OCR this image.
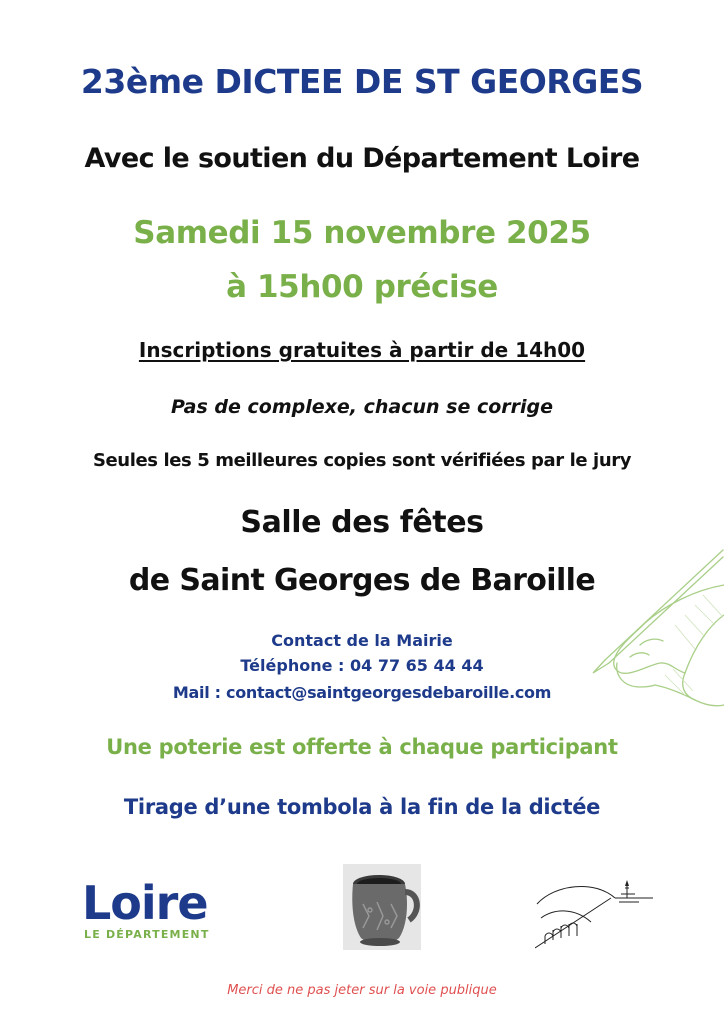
23ème DICTEE DE ST GEORGES

Avec le soutien du Département Loire

Samedi 15 novembre 2025

à 15h00 précise

Inscriptions gratuites à partir de 14h00

Pas de complexe, chacun se corrige

Seules les 5 meilleures copies sont vérifiées par le jury

Salle des fêtes

de Saint Georges de Baroille

Contact de la Mairie

Téléphone : 04 77 65 44 44

Mail : contact@saintgeorgesdebaroille.com

Une poterie est offerte à chaque participant

Tirage d’une tombola à la fin de la dictée

Loire
LE DÉPARTEMENT

Merci de ne pas jeter sur la voie publique
